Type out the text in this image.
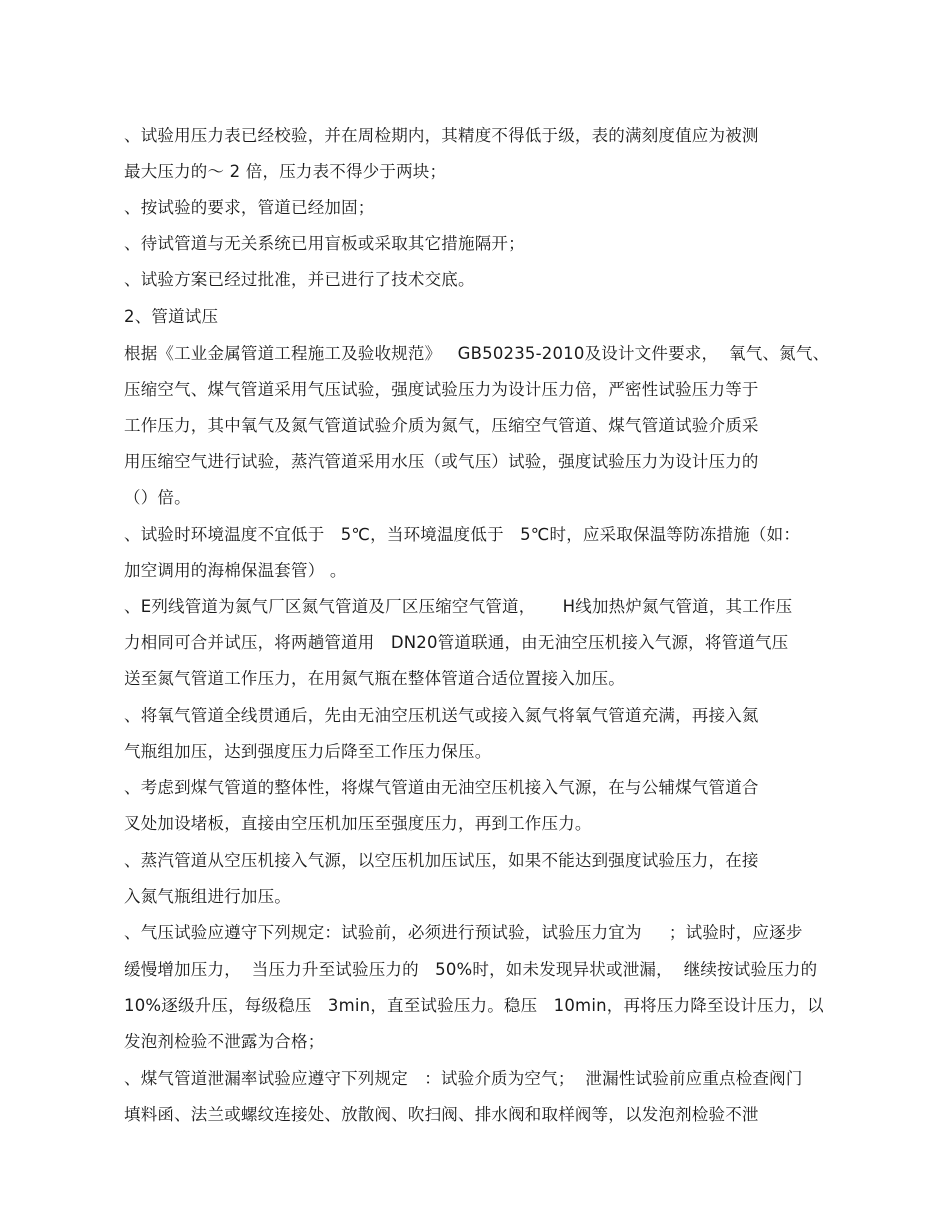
、试验用压力表已经校验，并在周检期内，其精度不得低于级，表的满刻度值应为被测
最大压力的～ 2 倍，压力表不得少于两块；
、按试验的要求，管道已经加固；
、待试管道与无关系统已用盲板或采取其它措施隔开；
、试验方案已经过批准，并已进行了技术交底。
2、管道试压
根据《工业金属管道工程施工及验收规范》   GB50235-2010及设计文件要求，  氧气、氮气、
压缩空气、煤气管道采用气压试验，强度试验压力为设计压力倍，严密性试验压力等于
工作压力，其中氧气及氮气管道试验介质为氮气，压缩空气管道、煤气管道试验介质采
用压缩空气进行试验，蒸汽管道采用水压（或气压）试验，强度试验压力为设计压力的
（）倍。
、试验时环境温度不宜低于   5℃，当环境温度低于   5℃时，应采取保温等防冻措施（如：
加空调用的海棉保温套管） 。
、E列线管道为氮气厂区氮气管道及厂区压缩空气管道，     H线加热炉氮气管道，其工作压
力相同可合并试压，将两趟管道用   DN20管道联通，由无油空压机接入气源，将管道气压
送至氮气管道工作压力，在用氮气瓶在整体管道合适位置接入加压。
、将氧气管道全线贯通后，先由无油空压机送气或接入氮气将氧气管道充满，再接入氮
气瓶组加压，达到强度压力后降至工作压力保压。
、考虑到煤气管道的整体性，将煤气管道由无油空压机接入气源，在与公辅煤气管道合
叉处加设堵板，直接由空压机加压至强度压力，再到工作压力。
、蒸汽管道从空压机接入气源，以空压机加压试压，如果不能达到强度试验压力，在接
入氮气瓶组进行加压。
、气压试验应遵守下列规定：试验前，必须进行预试验，试验压力宜为     ；试验时，应逐步
缓慢增加压力，  当压力升至试验压力的   50%时，如未发现异状或泄漏，  继续按试验压力的
10%逐级升压，每级稳压   3min，直至试验压力。稳压   10min，再将压力降至设计压力，以
发泡剂检验不泄露为合格；
、煤气管道泄漏率试验应遵守下列规定   ：试验介质为空气；  泄漏性试验前应重点检查阀门
填料函、法兰或螺纹连接处、放散阀、吹扫阀、排水阀和取样阀等，以发泡剂检验不泄
